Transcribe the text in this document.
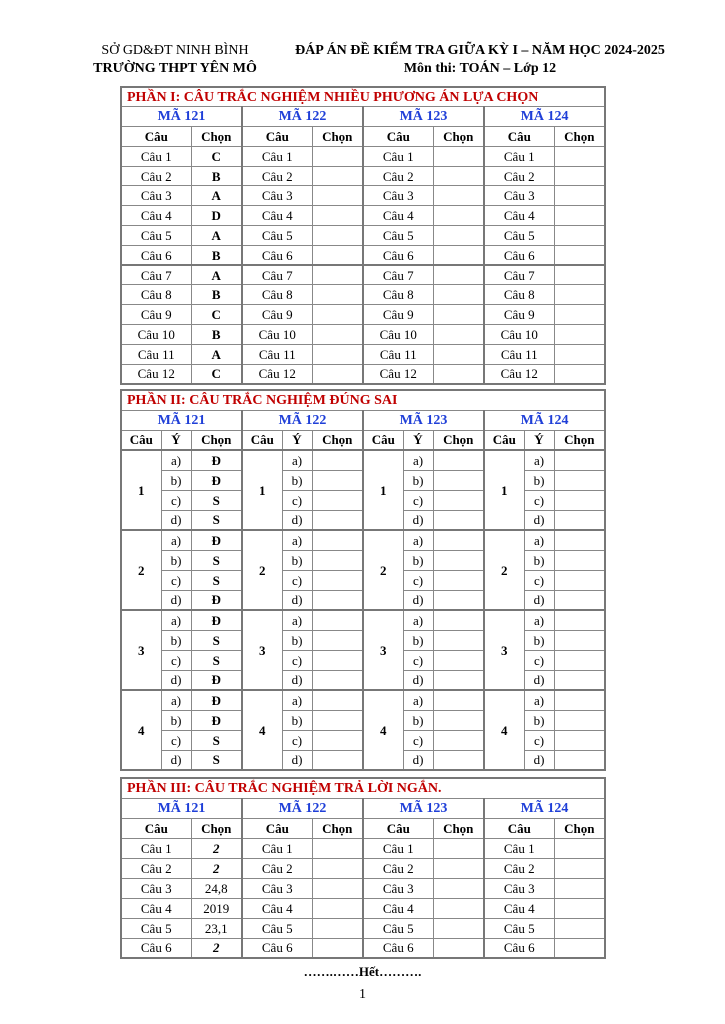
SỞ GD&ĐT NINH BÌNH
TRƯỜNG THPT YÊN MÔ
ĐÁP ÁN ĐỀ KIỂM TRA GIỮA KỲ I – NĂM HỌC 2024-2025
Môn thi: TOÁN – Lớp 12
PHẦN I: CÂU TRẮC NGHIỆM NHIỀU PHƯƠNG ÁN LỰA CHỌN							
MÃ 121		MÃ 122		MÃ 123		MÃ 124	
Câu	Chọn	Câu	Chọn	Câu	Chọn	Câu	Chọn
Câu 1	C	Câu 1		Câu 1		Câu 1	
Câu 2	B	Câu 2		Câu 2		Câu 2	
Câu 3	A	Câu 3		Câu 3		Câu 3	
Câu 4	D	Câu 4		Câu 4		Câu 4	
Câu 5	A	Câu 5		Câu 5		Câu 5	
Câu 6	B	Câu 6		Câu 6		Câu 6	
Câu 7	A	Câu 7		Câu 7		Câu 7	
Câu 8	B	Câu 8		Câu 8		Câu 8	
Câu 9	C	Câu 9		Câu 9		Câu 9	
Câu 10	B	Câu 10		Câu 10		Câu 10	
Câu 11	A	Câu 11		Câu 11		Câu 11	
Câu 12	C	Câu 12		Câu 12		Câu 12	
PHẦN II: CÂU TRẮC NGHIỆM ĐÚNG SAI											
MÃ 121			MÃ 122			MÃ 123			MÃ 124		
Câu	Ý	Chọn	Câu	Ý	Chọn	Câu	Ý	Chọn	Câu	Ý	Chọn
1	a)	Đ	1	a)		1	a)		1	a)	
	b)	Đ		b)			b)			b)	
	c)	S		c)			c)			c)	
	d)	S		d)			d)			d)	
2	a)	Đ	2	a)		2	a)		2	a)	
	b)	S		b)			b)			b)	
	c)	S		c)			c)			c)	
	d)	Đ		d)			d)			d)	
3	a)	Đ	3	a)		3	a)		3	a)	
	b)	S		b)			b)			b)	
	c)	S		c)			c)			c)	
	d)	Đ		d)			d)			d)	
4	a)	Đ	4	a)		4	a)		4	a)	
	b)	Đ		b)			b)			b)	
	c)	S		c)			c)			c)	
	d)	S		d)			d)			d)	
PHẦN III: CÂU TRẮC NGHIỆM TRẢ LỜI NGẮN.							
MÃ 121		MÃ 122		MÃ 123		MÃ 124	
Câu	Chọn	Câu	Chọn	Câu	Chọn	Câu	Chọn
Câu 1	2	Câu 1		Câu 1		Câu 1	
Câu 2	2	Câu 2		Câu 2		Câu 2	
Câu 3	24,8	Câu 3		Câu 3		Câu 3	
Câu 4	2019	Câu 4		Câu 4		Câu 4	
Câu 5	23,1	Câu 5		Câu 5		Câu 5	
Câu 6	2	Câu 6		Câu 6		Câu 6	
…….……Hết……….
1
